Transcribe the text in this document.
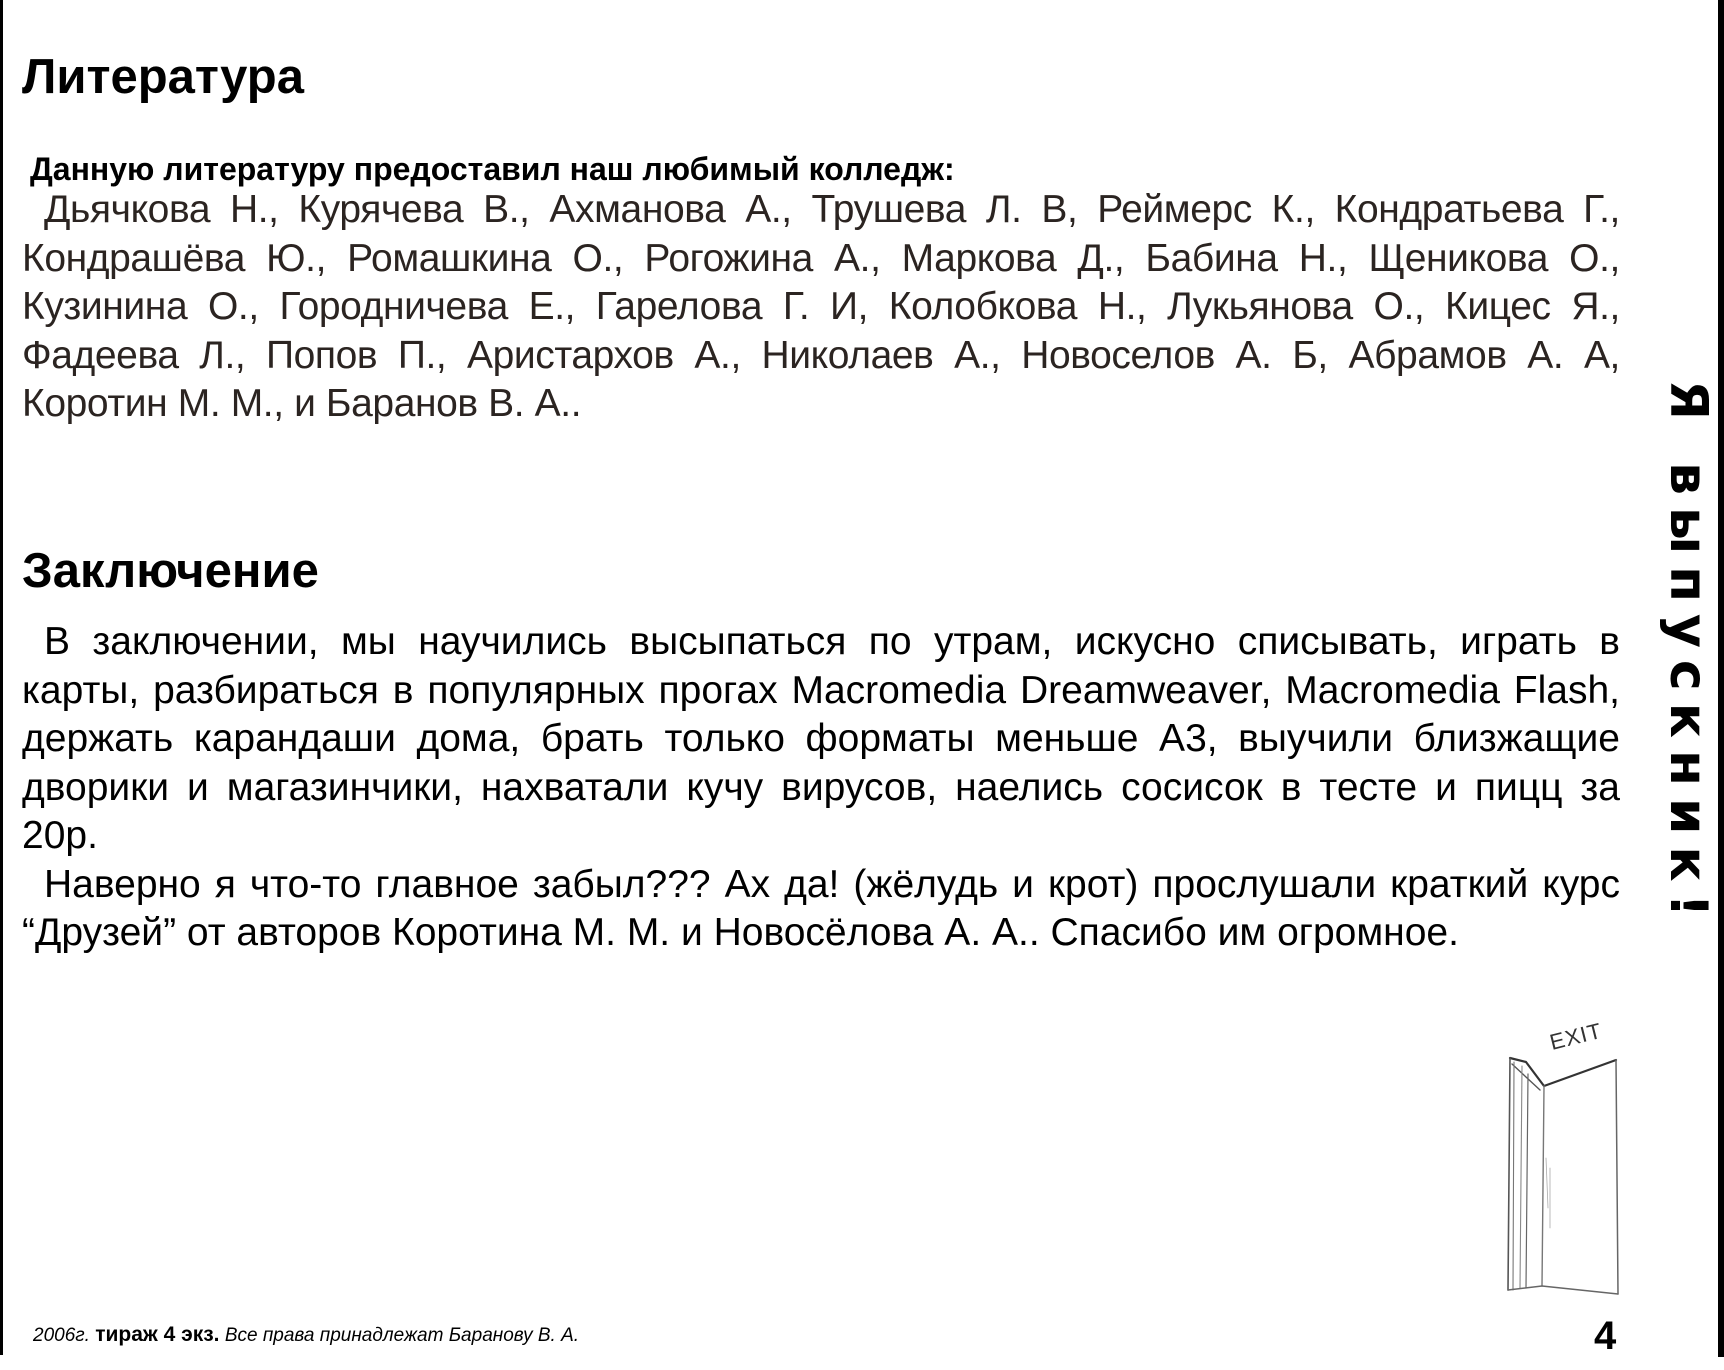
Литература

Данную литературу предоставил наш любимый колледж:

Дьячкова Н., Курячева В., Ахманова А., Трушева Л. В, Реймерс К., Кондратьева Г., Кондрашёва Ю., Ромашкина О., Рогожина А., Маркова Д., Бабина Н., Щеникова О., Кузинина О., Городничева Е., Гарелова Г. И, Колобкова Н., Лукьянова О., Кицес Я., Фадеева Л., Попов П., Аристархов А., Николаев А., Новоселов А. Б, Абрамов А. А, Коротин М. М., и Баранов В. А..

Заключение

В заключении, мы научились высыпаться по утрам, искусно списывать, играть в карты, разбираться в популярных прогах Macromedia Dreamweaver, Macromedia Flash, держать карандаши дома, брать только форматы меньше А3, выучили близжащие дворики и магазинчики, нахватали кучу вирусов, наелись сосисок в тесте и пицц за 20р.

Наверно я что-то главное забыл??? Ах да! (жёлудь и крот) прослушали краткий курс “Друзей” от авторов Коротина М. М. и Новосёлова А. А.. Спасибо им огромное.

Я выпускник!
EXIT

2006г. тираж 4 экз. Все права принадлежат Баранову В. А.	4
